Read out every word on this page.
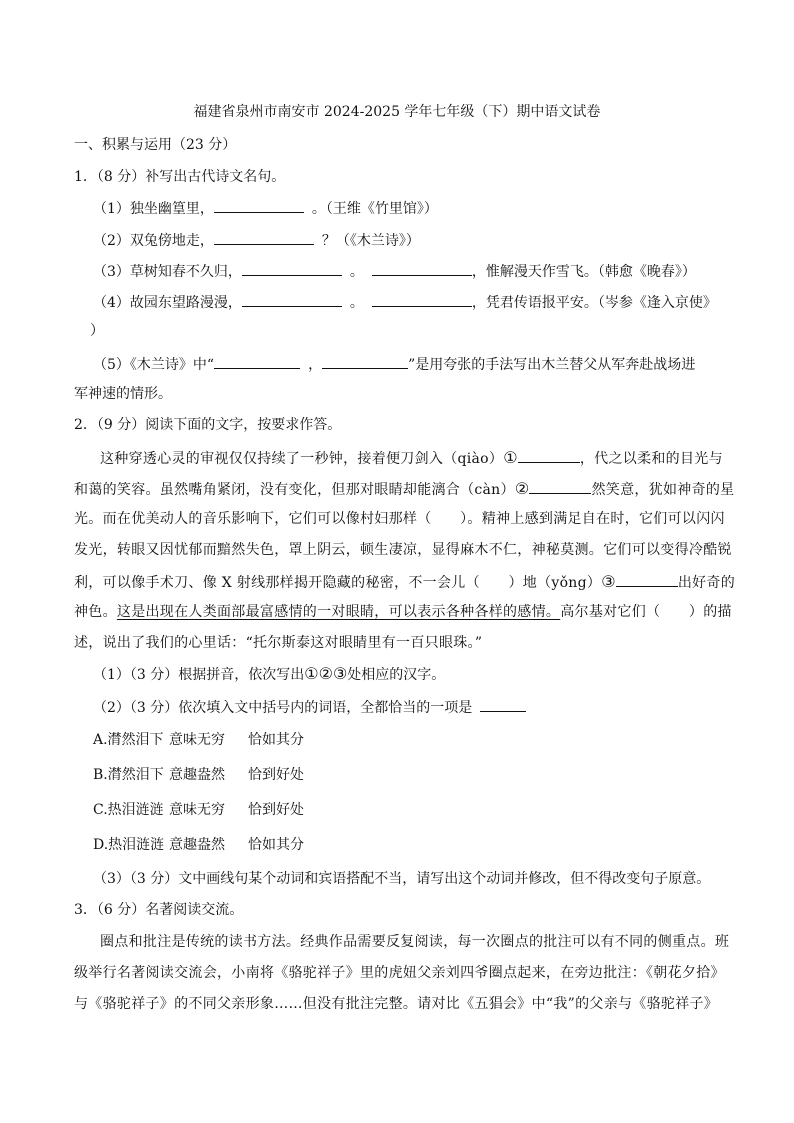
福建省泉州市南安市 2024-2025 学年七年级（下）期中语文试卷
一、积累与运用（23 分）
1．（8 分）补写出古代诗文名句。
（1）独坐幽篁里，	。（王维《竹里馆》）
（2）双兔傍地走，	？（《木兰诗》）
（3）草树知春不久归，	。	，惟解漫天作雪飞。（韩愈《晚春》）
（4）故园东望路漫漫，	。	，凭君传语报平安。（岑参《逢入京使》
）
（5）《木兰诗》中“	，	”是用夸张的手法写出木兰替父从军奔赴战场进
军神速的情形。
2．（9 分）阅读下面的文字，按要求作答。
这种穿透心灵的审视仅仅持续了一秒钟，接着便刀剑入（qiào）①	，代之以柔和的目光与
和蔼的笑容。虽然嘴角紧闭，没有变化，但那对眼睛却能漓合（càn）②	然笑意，犹如神奇的星
光。而在优美动人的音乐影响下，它们可以像村妇那样（　　）。精神上感到满足自在时，它们可以闪闪
发光，转眼又因忧郁而黯然失色，罩上阴云，顿生凄凉，显得麻木不仁，神秘莫测。它们可以变得冷酷锐
利，可以像手术刀、像 X 射线那样揭开隐藏的秘密，不一会儿（　　）地（yǒng）③	出好奇的
神色。这是出现在人类面部最富感情的一对眼睛，可以表示各种各样的感情。高尔基对它们（　　）的描
述，说出了我们的心里话：“托尔斯泰这对眼睛里有一百只眼珠。”
（1）（3 分）根据拼音，依次写出①②③处相应的汉字。
（2）（3 分）依次填入文中括号内的词语，全都恰当的一项是
A.潸然泪下 意味无穷 恰如其分
B.潸然泪下 意趣盎然 恰到好处
C.热泪涟涟 意味无穷 恰到好处
D.热泪涟涟 意趣盎然 恰如其分
（3）（3 分）文中画线句某个动词和宾语搭配不当，请写出这个动词并修改，但不得改变句子原意。
3．（6 分）名著阅读交流。
圈点和批注是传统的读书方法。经典作品需要反复阅读，每一次圈点的批注可以有不同的侧重点。班
级举行名著阅读交流会，小南将《骆驼祥子》里的虎妞父亲刘四爷圈点起来，在旁边批注：《朝花夕拾》
与《骆驼祥子》的不同父亲形象……但没有批注完整。请对比《五猖会》中“我”的父亲与《骆驼祥子》
